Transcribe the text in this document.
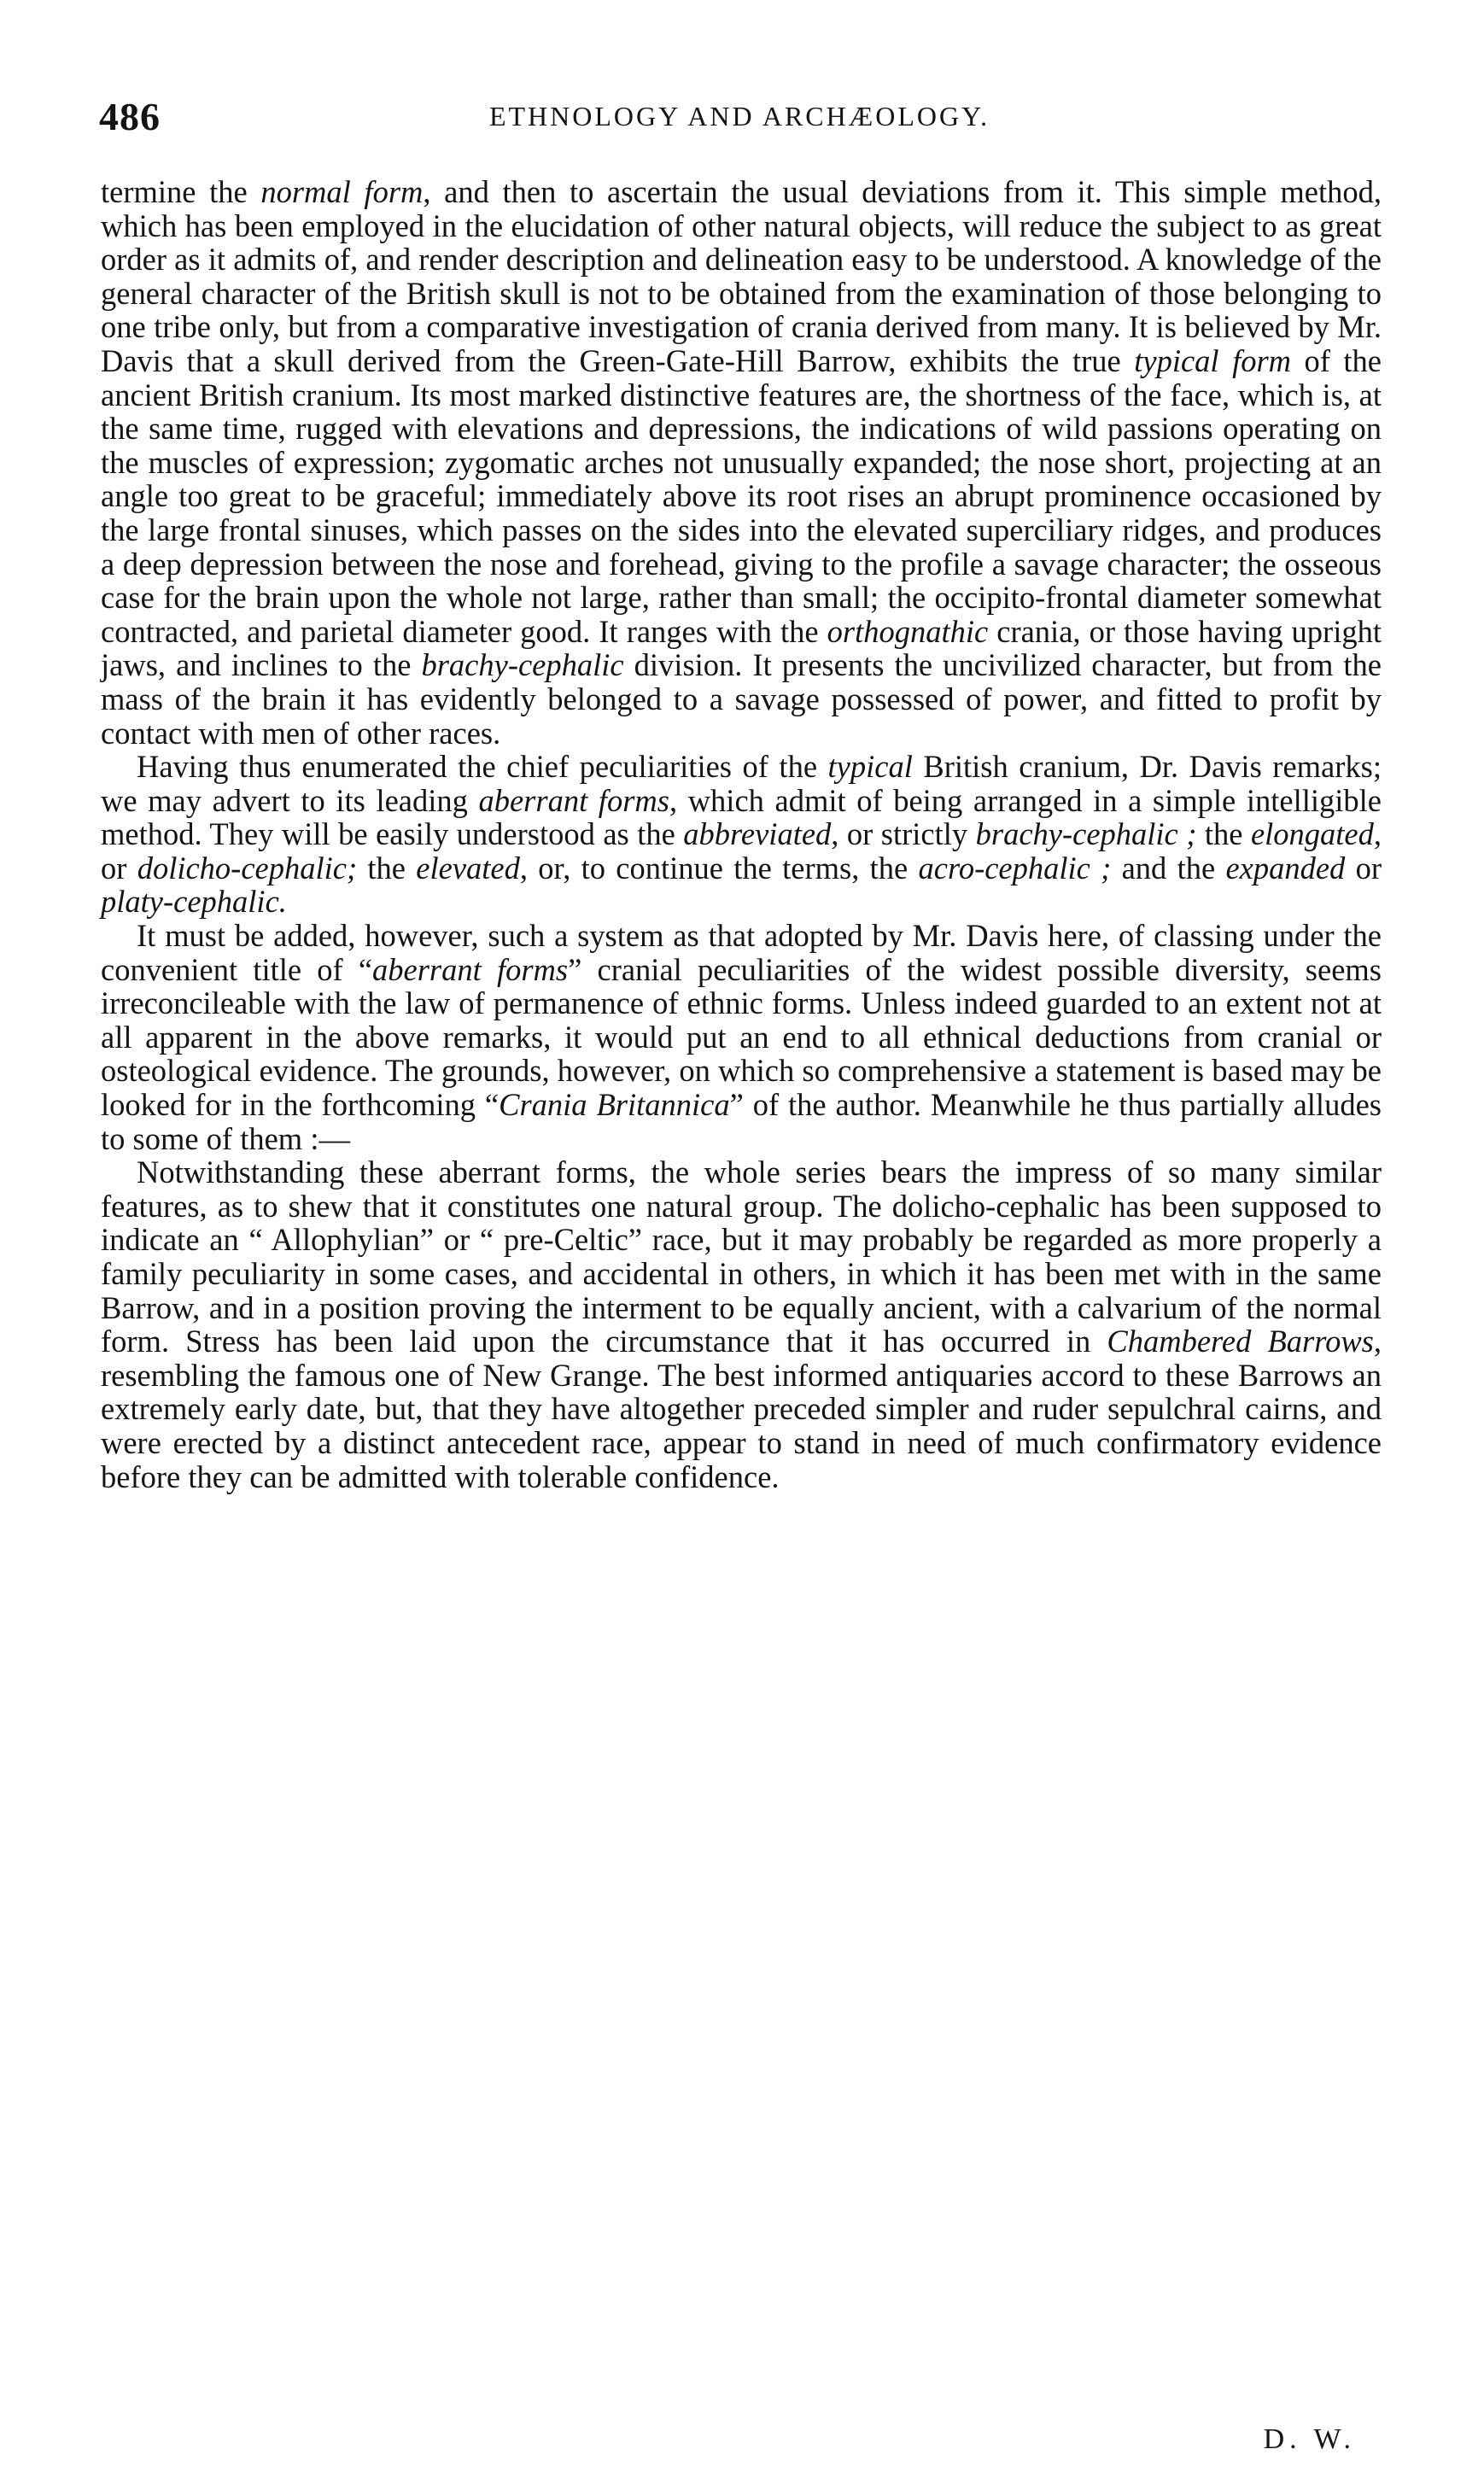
486	ETHNOLOGY AND ARCHÆOLOGY.

termine the normal form, and then to ascertain the usual deviations from it. This simple method, which has been employed in the elucidation of other natural objects, will reduce the subject to as great order as it admits of, and render description and delineation easy to be understood. A knowledge of the general character of the British skull is not to be obtained from the examination of those belonging to one tribe only, but from a comparative investigation of crania derived from many. It is believed by Mr. Davis that a skull derived from the Green-Gate-Hill Barrow, exhibits the true typical form of the ancient British cranium. Its most marked distinctive features are, the shortness of the face, which is, at the same time, rugged with elevations and depressions, the indications of wild passions operating on the muscles of expression; zygomatic arches not unusually expanded; the nose short, projecting at an angle too great to be graceful; immediately above its root rises an abrupt prominence occasioned by the large frontal sinuses, which passes on the sides into the elevated superciliary ridges, and produces a deep depression between the nose and forehead, giving to the profile a savage character; the osseous case for the brain upon the whole not large, rather than small; the occipito-frontal diameter somewhat contracted, and parietal diameter good. It ranges with the orthognathic crania, or those having upright jaws, and inclines to the brachy-cephalic division. It presents the uncivilized character, but from the mass of the brain it has evidently belonged to a savage possessed of power, and fitted to profit by contact with men of other races.

Having thus enumerated the chief peculiarities of the typical British cranium, Dr. Davis remarks; we may advert to its leading aberrant forms, which admit of being arranged in a simple intelligible method. They will be easily understood as the abbreviated, or strictly brachy-cephalic ; the elongated, or dolicho-cephalic; the elevated, or, to continue the terms, the acro-cephalic ; and the expanded or platy-cephalic.

It must be added, however, such a system as that adopted by Mr. Davis here, of classing under the convenient title of “aberrant forms” cranial peculiarities of the widest possible diversity, seems irreconcileable with the law of permanence of ethnic forms. Unless indeed guarded to an extent not at all apparent in the above remarks, it would put an end to all ethnical deductions from cranial or osteological evidence. The grounds, however, on which so comprehensive a statement is based may be looked for in the forthcoming “Crania Britannica” of the author. Meanwhile he thus partially alludes to some of them :—

Notwithstanding these aberrant forms, the whole series bears the impress of so many similar features, as to shew that it constitutes one natural group. The dolicho-cephalic has been supposed to indicate an “ Allophylian” or “ pre-Celtic” race, but it may probably be regarded as more properly a family peculiarity in some cases, and accidental in others, in which it has been met with in the same Barrow, and in a position proving the interment to be equally ancient, with a calvarium of the normal form. Stress has been laid upon the circumstance that it has occurred in Chambered Barrows, resembling the famous one of New Grange. The best informed antiquaries accord to these Barrows an extremely early date, but, that they have altogether preceded simpler and ruder sepulchral cairns, and were erected by a distinct antecedent race, appear to stand in need of much confirmatory evidence before they can be admitted with tolerable confidence.

D. W.
